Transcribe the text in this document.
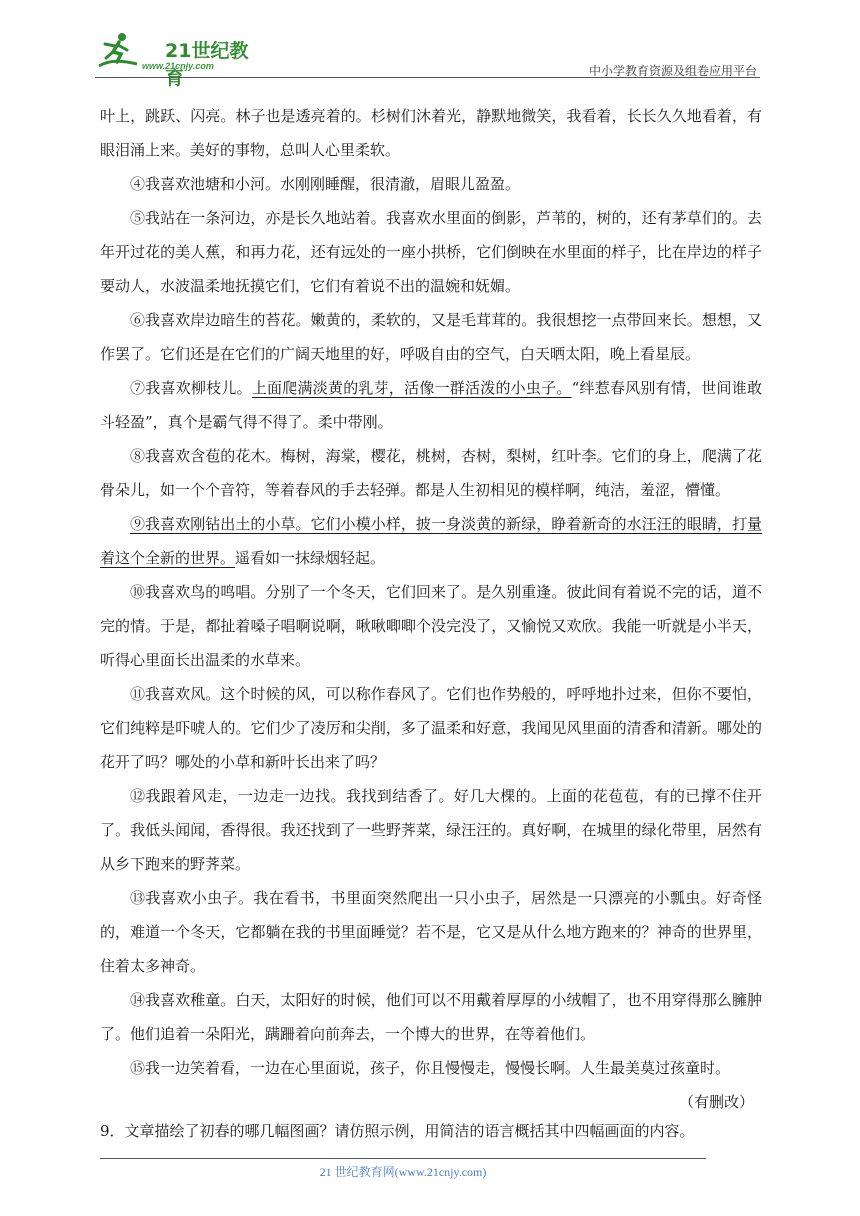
21世纪教育
www.21cnjy.com	中小学教育资源及组卷应用平台

叶上，跳跃、闪亮。林子也是透亮着的。杉树们沐着光，静默地微笑，我看着，长长久久地看着，有眼泪涌上来。美好的事物，总叫人心里柔软。

④我喜欢池塘和小河。水刚刚睡醒，很清澈，眉眼儿盈盈。

⑤我站在一条河边，亦是长久地站着。我喜欢水里面的倒影，芦苇的，树的，还有茅草们的。去年开过花的美人蕉，和再力花，还有远处的一座小拱桥，它们倒映在水里面的样子，比在岸边的样子要动人，水波温柔地抚摸它们，它们有着说不出的温婉和妩媚。

⑥我喜欢岸边暗生的苔花。嫩黄的，柔软的，又是毛茸茸的。我很想挖一点带回来长。想想，又作罢了。它们还是在它们的广阔天地里的好，呼吸自由的空气，白天晒太阳，晚上看星辰。

⑦我喜欢柳枝儿。上面爬满淡黄的乳芽，活像一群活泼的小虫子。“绊惹春风别有情，世间谁敢斗轻盈”，真个是霸气得不得了。柔中带刚。

⑧我喜欢含苞的花木。梅树，海棠，樱花，桃树，杏树，梨树，红叶李。它们的身上，爬满了花骨朵儿，如一个个音符，等着春风的手去轻弹。都是人生初相见的模样啊，纯洁，羞涩，懵懂。

⑨我喜欢刚钻出土的小草。它们小模小样，披一身淡黄的新绿，睁着新奇的水汪汪的眼睛，打量着这个全新的世界。遥看如一抹绿烟轻起。

⑩我喜欢鸟的鸣唱。分别了一个冬天，它们回来了。是久别重逢。彼此间有着说不完的话，道不完的情。于是，都扯着嗓子唱啊说啊，啾啾唧唧个没完没了，又愉悦又欢欣。我能一听就是小半天，听得心里面长出温柔的水草来。

⑪我喜欢风。这个时候的风，可以称作春风了。它们也作势般的，呼呼地扑过来，但你不要怕，它们纯粹是吓唬人的。它们少了凌厉和尖削，多了温柔和好意，我闻见风里面的清香和清新。哪处的花开了吗？哪处的小草和新叶长出来了吗？

⑫我跟着风走，一边走一边找。我找到结香了。好几大棵的。上面的花苞苞，有的已撑不住开了。我低头闻闻，香得很。我还找到了一些野荠菜，绿汪汪的。真好啊，在城里的绿化带里，居然有从乡下跑来的野荠菜。

⑬我喜欢小虫子。我在看书，书里面突然爬出一只小虫子，居然是一只漂亮的小瓢虫。好奇怪的，难道一个冬天，它都躺在我的书里面睡觉？若不是，它又是从什么地方跑来的？神奇的世界里，住着太多神奇。

⑭我喜欢稚童。白天，太阳好的时候，他们可以不用戴着厚厚的小绒帽了，也不用穿得那么臃肿了。他们追着一朵阳光，蹒跚着向前奔去，一个博大的世界，在等着他们。

⑮我一边笑着看，一边在心里面说，孩子，你且慢慢走，慢慢长啊。人生最美莫过孩童时。

（有删改）

9．文章描绘了初春的哪几幅图画？请仿照示例，用简洁的语言概括其中四幅画面的内容。
21 世纪教育网(www.21cnjy.com)
